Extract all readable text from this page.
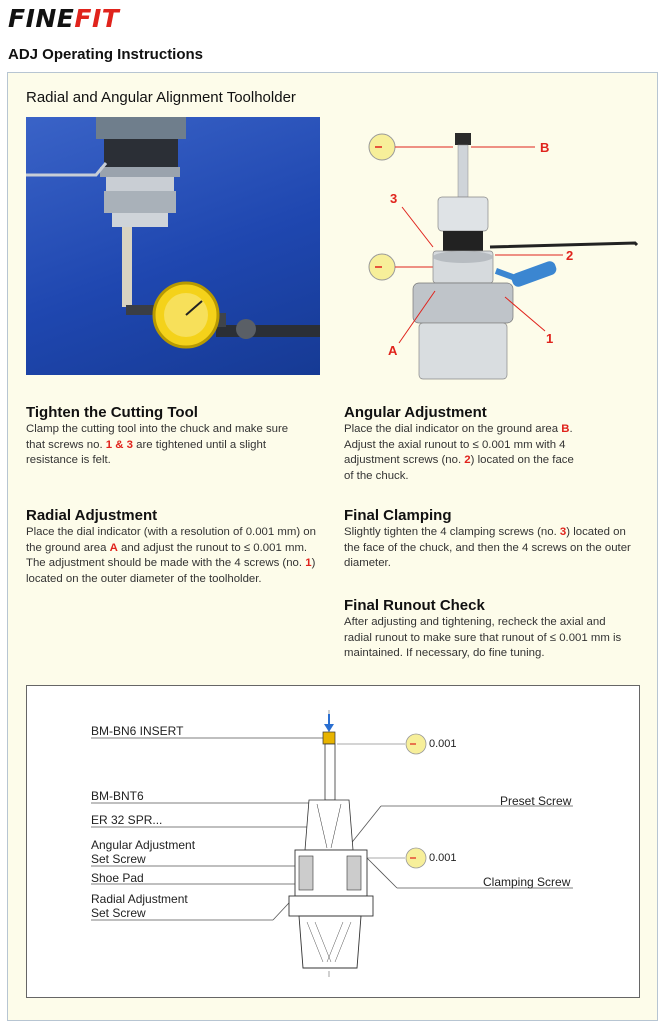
FINEFIT
ADJ Operating Instructions
Radial and Angular Alignment Toolholder
B
3
2
A
1
Tighten the Cutting Tool

Clamp the cutting tool into the chuck and make sure that screws no. 1 & 3 are tightened until a slight resistance is felt.

Angular Adjustment

Place the dial indicator on the ground area B. Adjust the axial runout to ≤ 0.001 mm with 4 adjustment screws (no. 2) located on the face of the chuck.

Radial Adjustment

Place the dial indicator (with a resolution of 0.001 mm) on the ground area A and adjust the runout to ≤ 0.001 mm. The adjustment should be made with the 4 screws (no. 1) located on the outer diameter of the toolholder.

Final Clamping

Slightly tighten the 4 clamping screws (no. 3) located on the face of the chuck, and then the 4 screws on the outer diameter.

Final Runout Check

After adjusting and tightening, recheck the axial and radial runout to make sure that runout of ≤ 0.001 mm is maintained. If necessary, do fine tuning.

BM-BN6 INSERT
BM-BNT6
ER 32 SPR...
Angular Adjustment
Set Screw
Shoe Pad
Radial Adjustment
Set Screw
Preset Screw
Clamping Screw
0.001
0.001
